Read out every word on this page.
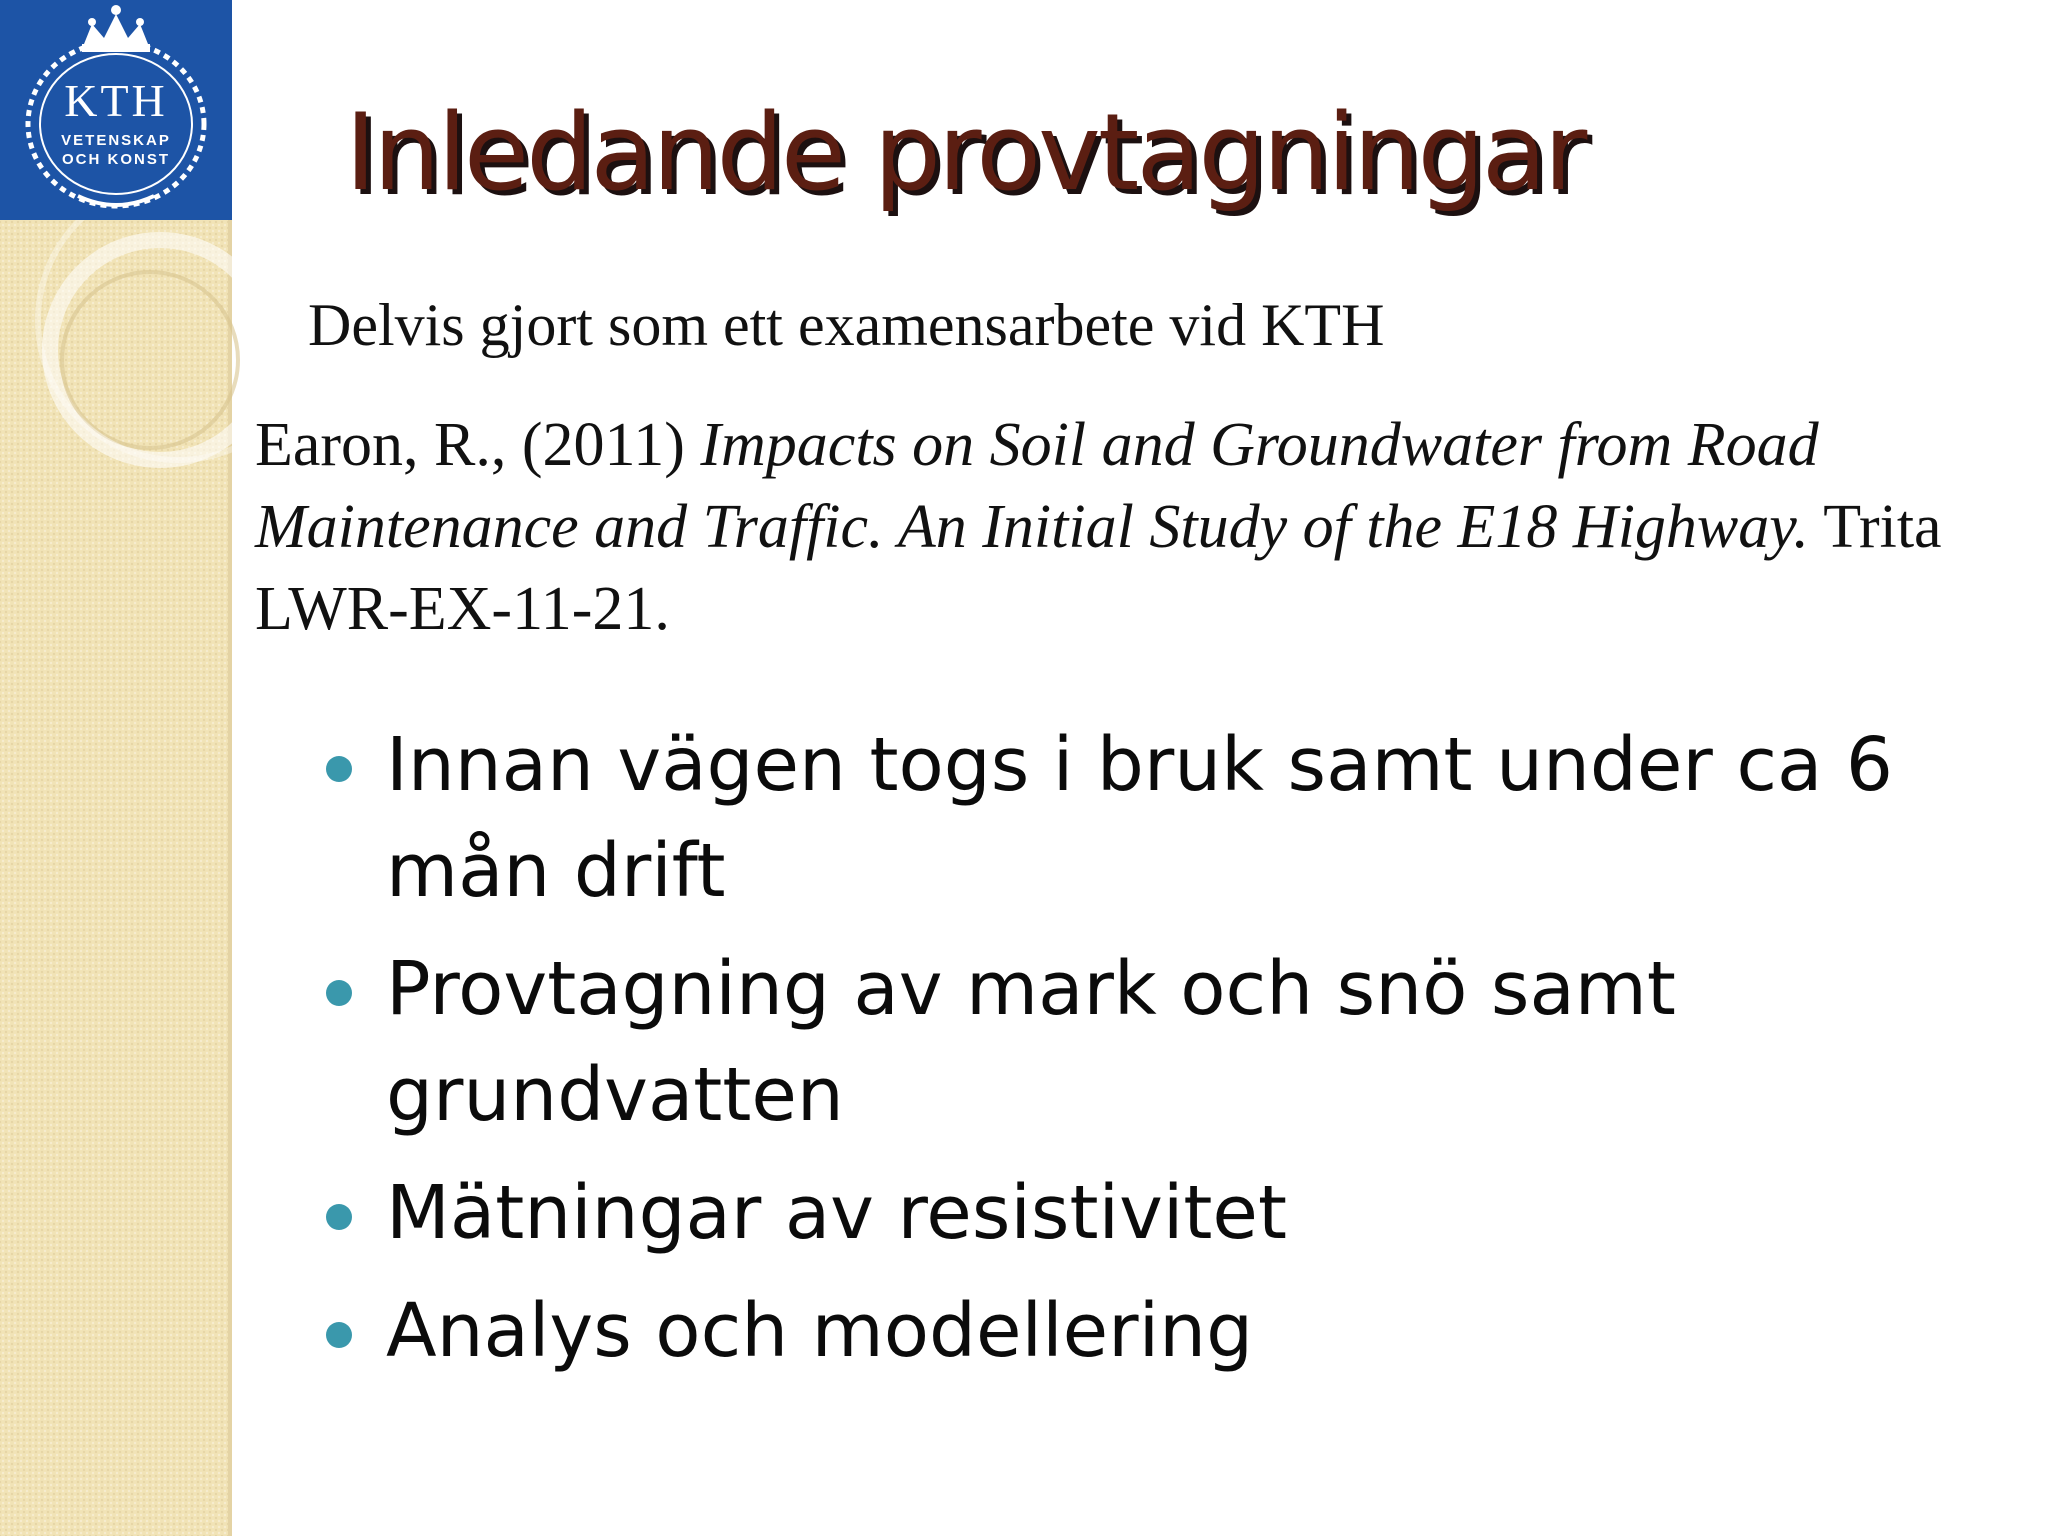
KTH
VETENSKAP
OCH KONST	Inledande provtagningar
Delvis gjort som ett examensarbete vid KTH
Earon, R., (2011) Impacts on Soil and Groundwater from Road Maintenance and Traffic. An Initial Study of the E18 Highway. Trita LWR-EX-11-21.
Innan vägen togs i bruk samt under ca 6 mån drift
Provtagning av mark och snö samt grundvatten
Mätningar av resistivitet
Analys och modellering
